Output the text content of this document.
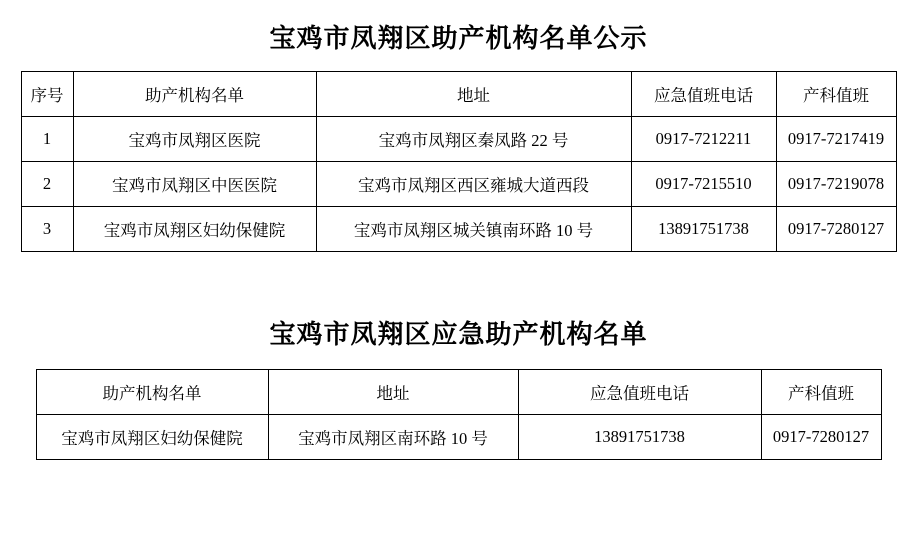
宝鸡市凤翔区助产机构名单公示
序号	助产机构名单	地址	应急值班电话	产科值班
1	宝鸡市凤翔区医院	宝鸡市凤翔区秦凤路 22 号	0917-7212211	0917-7217419
2	宝鸡市凤翔区中医医院	宝鸡市凤翔区西区雍城大道西段	0917-7215510	0917-7219078
3	宝鸡市凤翔区妇幼保健院	宝鸡市凤翔区城关镇南环路 10 号	13891751738	0917-7280127
宝鸡市凤翔区应急助产机构名单
助产机构名单	地址	应急值班电话	产科值班
宝鸡市凤翔区妇幼保健院	宝鸡市凤翔区南环路 10 号	13891751738	0917-7280127
